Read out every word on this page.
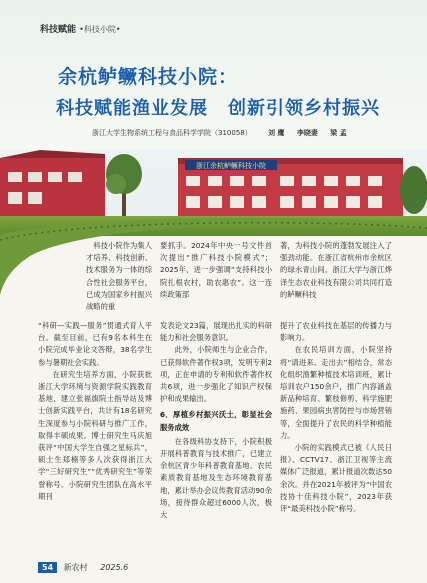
科技赋能 •科技小院•
余杭鲈鳜科技小院：
科技赋能渔业发展 创新引领乡村振兴
浙江大学生物系统工程与食品科学学院（310058） 刘 鹰 李晓妻 梁 孟
浙江余杭鲈鳜科技小院

科技小院作为集人才培养、科技创新、技术服务为一体的综合性社会服务平台，已成为国家乡村振兴战略的重

“科研—实践—服务”贯通式育人平台。截至目前，已有9名本科生在小院完成毕业论文答辩，38名学生参与暑期社会实践。

在研究生培养方面，小院获批浙江大学环境与资源学院实践教育基地，建立张福旗院士指导站及博士创新实践平台，共计有18名研究生深度参与小院科研与推广工作，取得丰硕成果。博士研究生马庆旭获评“中国大学生自强之星标兵”，硕士生郑楠等多人次获得浙江大学“三好研究生”“优秀研究生”等荣誉称号。小院研究生团队在高水平期刊

要抓手。2024年中央一号文件首次提出“推广科技小院模式”；2025年，进一步强调“支持科技小院扎根农村，助农惠农”。这一连续政策部

发表论文23篇，展现出扎实的科研能力和社会服务意识。

此外，小院师生与企业合作，已获得软件著作权3项，发明专利2项，正在申请的专利和软件著作权共6项，进一步强化了知识产权保护和成果输出。

6．厚植乡村振兴沃土，彰显社会服务成效

在各级科协支持下，小院积极开展科普教育与技术推广，已建立余杭区青少年科普教育基地、农民素质教育基地及生态环境教育基地，累计举办会议传教育活动90余场，接待群众超过6000人次，极大

著，为科技小院的蓬勃发展注入了强劲动能。在浙江省杭州市余杭区的绿水青山间，浙江大学与浙江烨泽生态农业科技有限公司共同打造的鲈鳜科技

提升了农业科技在基层的传播力与影响力。

在农民培训方面，小院坚持将“请进来、走出去”相结合，常态化组织渔繁种植技术培训班，累计培训农户150余户，推广内容涵盖新品种培育、繁枝修剪、科学施肥施药、果园病虫害防控与市场营销等，全面提升了农民的科学种植能力。

小院的实践模式已被《人民日报》、CCTV17、浙江卫视等主流媒体广泛报道，累计报道次数达50余次。并在2021年被评为“中国农技协十佳科技小院”，2023年获评“最美科技小院”称号。

54 新农村 2025.6
